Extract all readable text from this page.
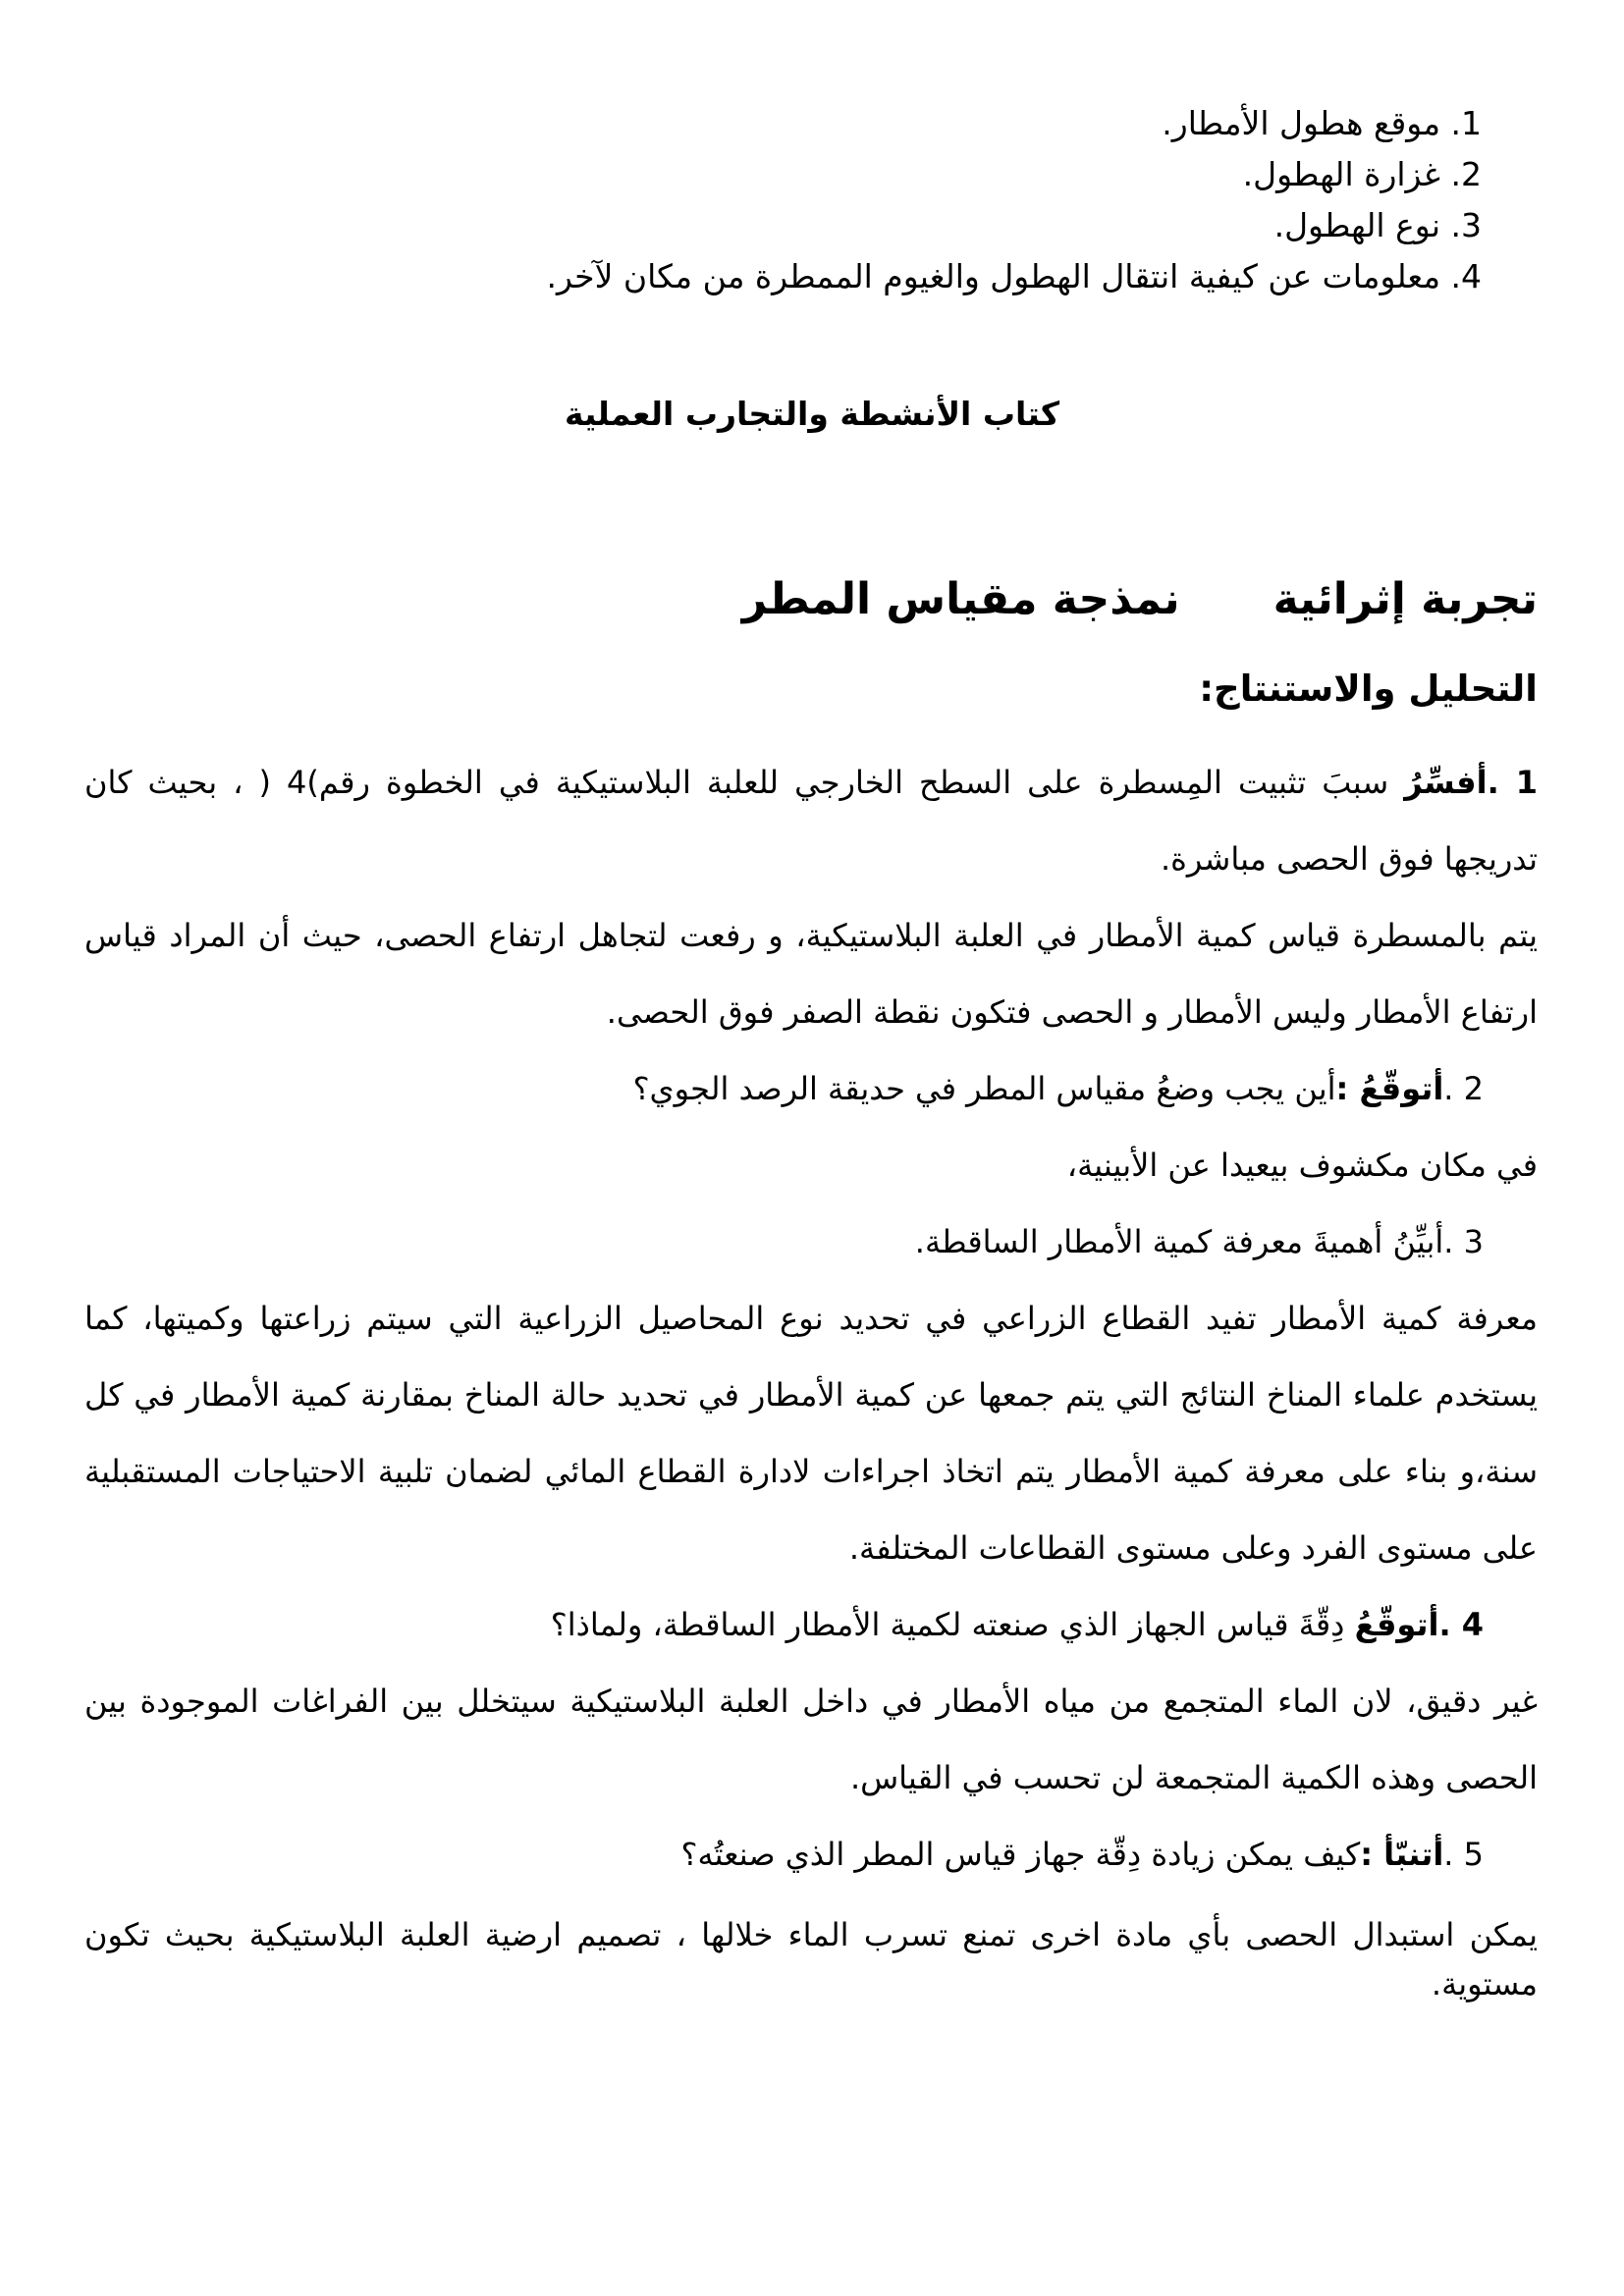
1. موقع هطول الأمطار.
2. غزارة الهطول.
3. نوع الهطول.
4. معلومات عن كيفية انتقال الهطول والغيوم الممطرة من مكان لآخر.
كتاب الأنشطة والتجارب العملية
تجربة إثرائيةنمذجة مقياس المطر
التحليل والاستنتاج:

1 .أفسِّرُ سببَ تثبيت المِسطرة على السطح الخارجي للعلبة البلاستيكية في الخطوة رقم)4 ( ، بحيث كان تدريجها فوق الحصى مباشرة.

يتم بالمسطرة قياس كمية الأمطار في العلبة البلاستيكية، و رفعت لتجاهل ارتفاع الحصى، حيث أن المراد قياس ارتفاع الأمطار وليس الأمطار و الحصى فتكون نقطة الصفر فوق الحصى.

2 .أتوقّعُ :أين يجب وضعُ مقياس المطر في حديقة الرصد الجوي؟

في مكان مكشوف بيعيدا عن الأبينية،

3 .أبيِّنُ أهميةَ معرفة كمية الأمطار الساقطة.

معرفة كمية الأمطار تفيد القطاع الزراعي في تحديد نوع المحاصيل الزراعية التي سيتم زراعتها وكميتها، كما يستخدم علماء المناخ النتائج التي يتم جمعها عن كمية الأمطار في تحديد حالة المناخ بمقارنة كمية الأمطار في كل سنة،و بناء على معرفة كمية الأمطار يتم اتخاذ اجراءات لادارة القطاع المائي لضمان تلبية الاحتياجات المستقبلية على مستوى الفرد وعلى مستوى القطاعات المختلفة.

4 .أتوقّعُ دِقّةَ قياس الجهاز الذي صنعته لكمية الأمطار الساقطة، ولماذا؟

غير دقيق، لان الماء المتجمع من مياه الأمطار في داخل العلبة البلاستيكية سيتخلل بين الفراغات الموجودة بين الحصى وهذه الكمية المتجمعة لن تحسب في القياس.

5 .أتنبّأ :كيف يمكن زيادة دِقّة جهاز قياس المطر الذي صنعتُه؟

يمكن استبدال الحصى بأي مادة اخرى تمنع تسرب الماء خلالها ، تصميم ارضية العلبة البلاستيكية بحيث تكون مستوية.
